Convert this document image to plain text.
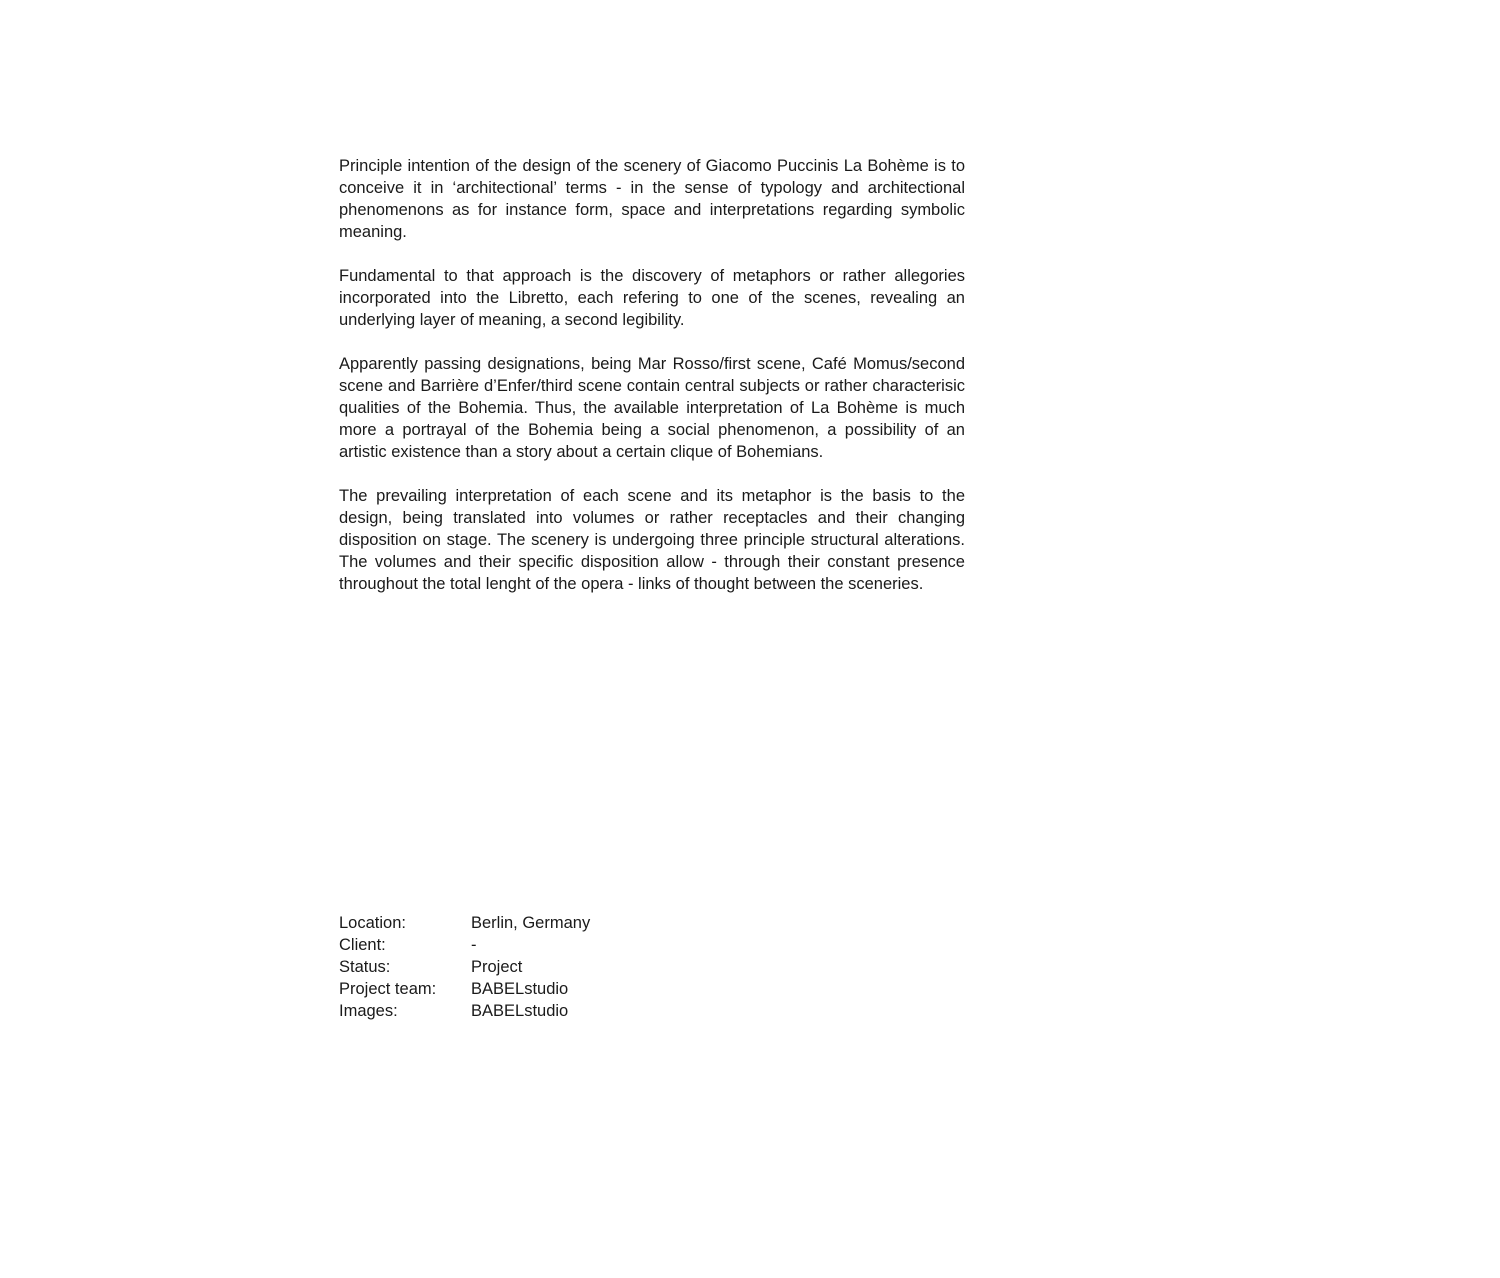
Principle intention of the design of the scenery of Giacomo Puccinis La Bohème is to conceive it in ‘architectional’ terms - in the sense of typology and architectional phenomenons as for instance form, space and interpretations regarding symbolic meaning.

Fundamental to that approach is the discovery of metaphors or rather allegories incorporated into the Libretto, each refering to one of the scenes, revealing an underlying layer of meaning, a second legibility.

Apparently passing designations, being Mar Rosso/first scene, Café Momus/second scene and Barrière d’Enfer/third scene contain central subjects or rather characterisic qualities of the Bohemia. Thus, the available interpretation of La Bohème is much more a portrayal of the Bohemia being a social phenomenon, a possibility of an artistic existence than a story about a certain clique of Bohemians.

The prevailing interpretation of each scene and its metaphor is the basis to the design, being translated into volumes or rather receptacles and their changing disposition on stage. The scenery is undergoing three principle structural alterations. The volumes and their specific disposition allow - through their constant presence throughout the total lenght of the opera - links of thought between the sceneries.

Location:	Berlin, Germany
Client:	-
Status:	Project
Project team:	BABELstudio
Images:	BABELstudio
